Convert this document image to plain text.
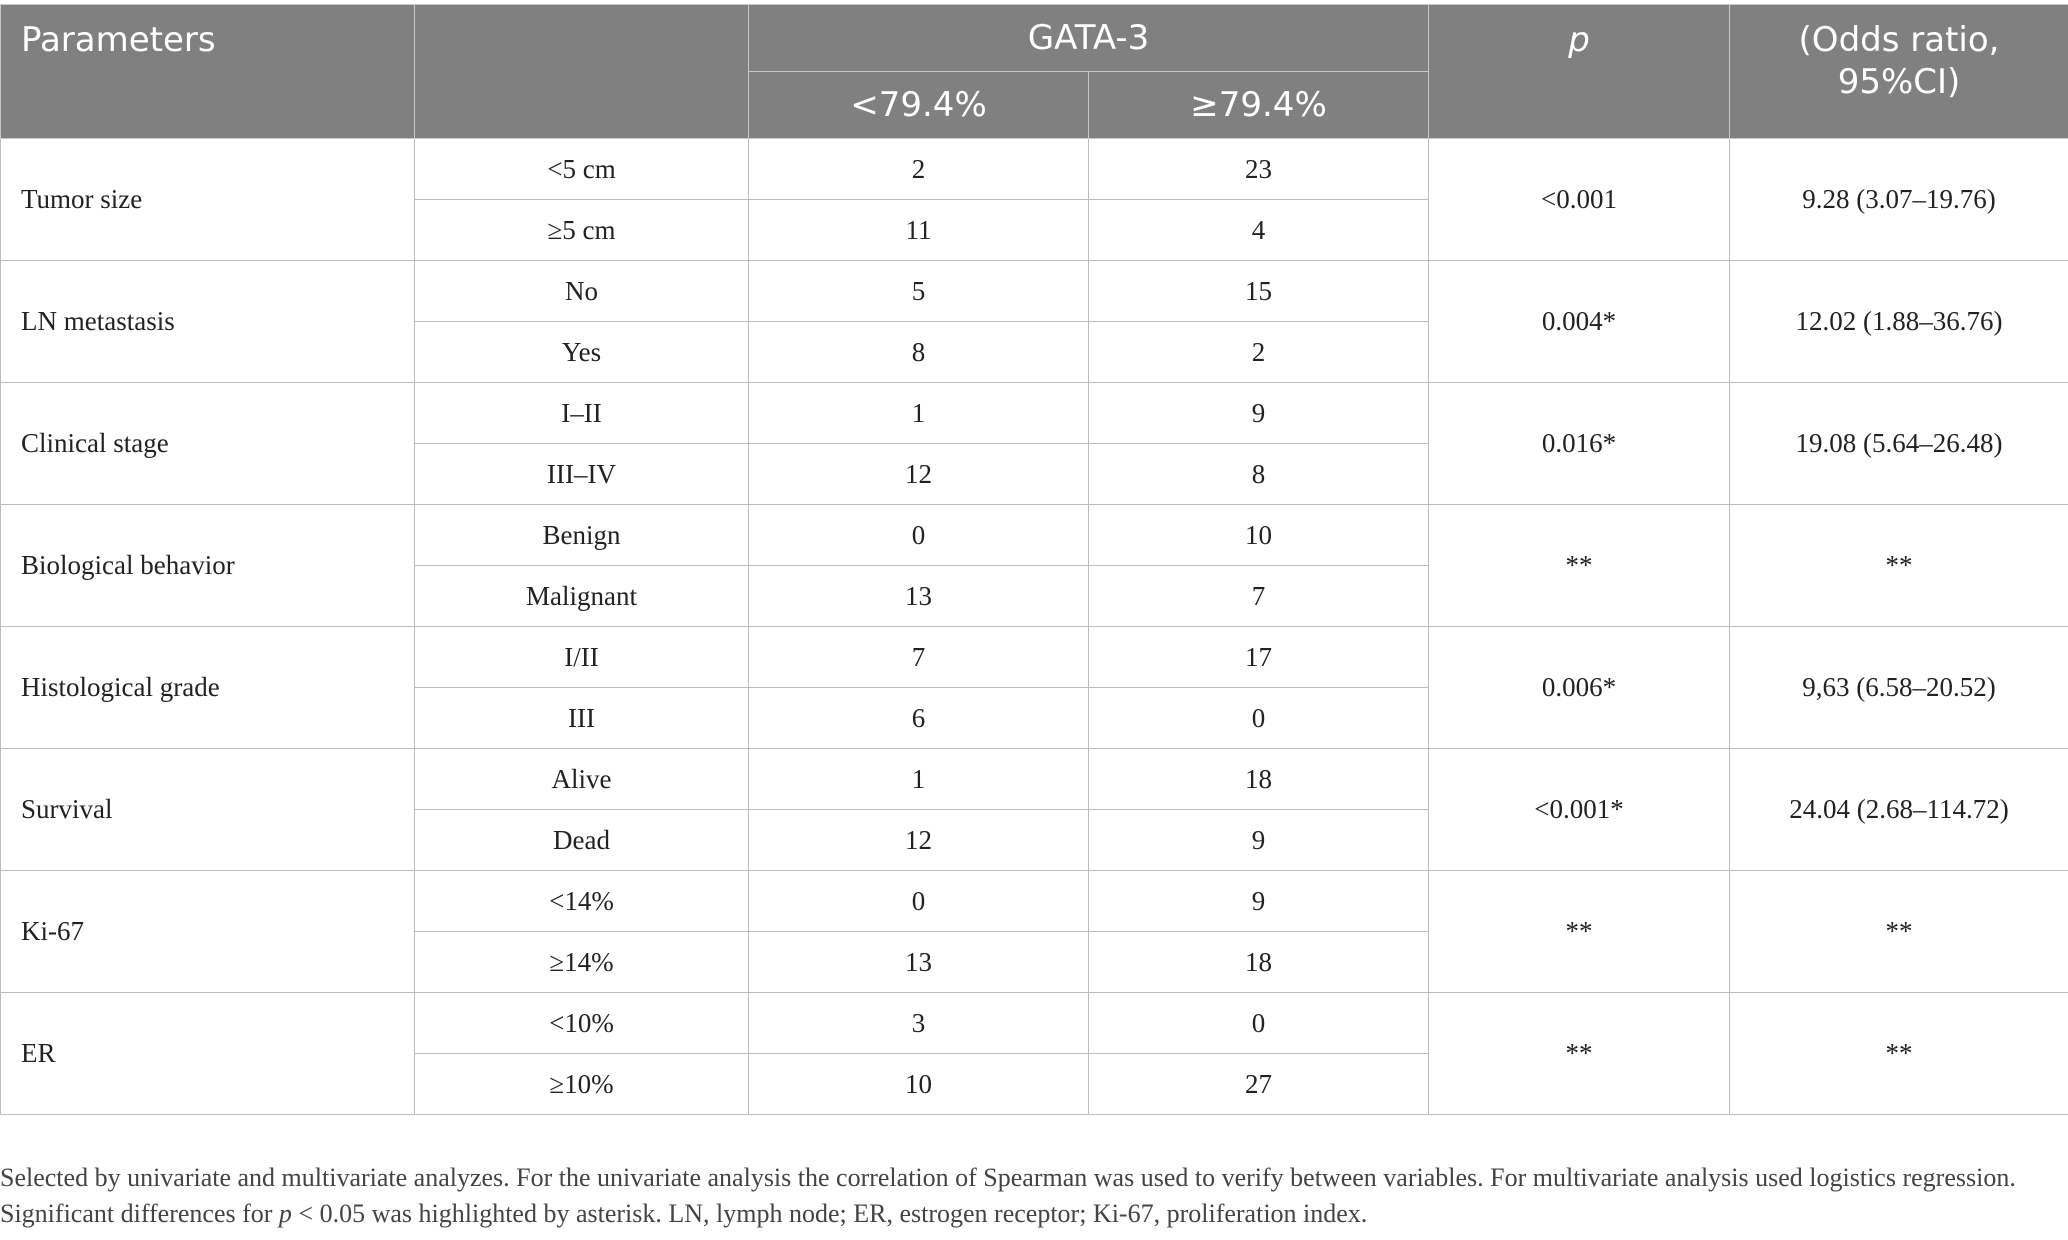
Parameters		GATA-3		p	(Odds ratio, 95%CI)
		<79.4%	≥79.4%		
Tumor size	<5 cm	2	23	<0.001	9.28 (3.07–19.76)
	≥5 cm	11	4		
LN metastasis	No	5	15	0.004*	12.02 (1.88–36.76)
	Yes	8	2		
Clinical stage	I–II	1	9	0.016*	19.08 (5.64–26.48)
	III–IV	12	8		
Biological behavior	Benign	0	10	**	**
	Malignant	13	7		
Histological grade	I/II	7	17	0.006*	9,63 (6.58–20.52)
	III	6	0		
Survival	Alive	1	18	<0.001*	24.04 (2.68–114.72)
	Dead	12	9		
Ki-67	<14%	0	9	**	**
	≥14%	13	18		
ER	<10%	3	0	**	**
	≥10%	10	27		
Selected by univariate and multivariate analyzes. For the univariate analysis the correlation of Spearman was used to verify between variables. For multivariate analysis used logistics regression.
Significant differences for p < 0.05 was highlighted by asterisk. LN, lymph node; ER, estrogen receptor; Ki-67, proliferation index.
